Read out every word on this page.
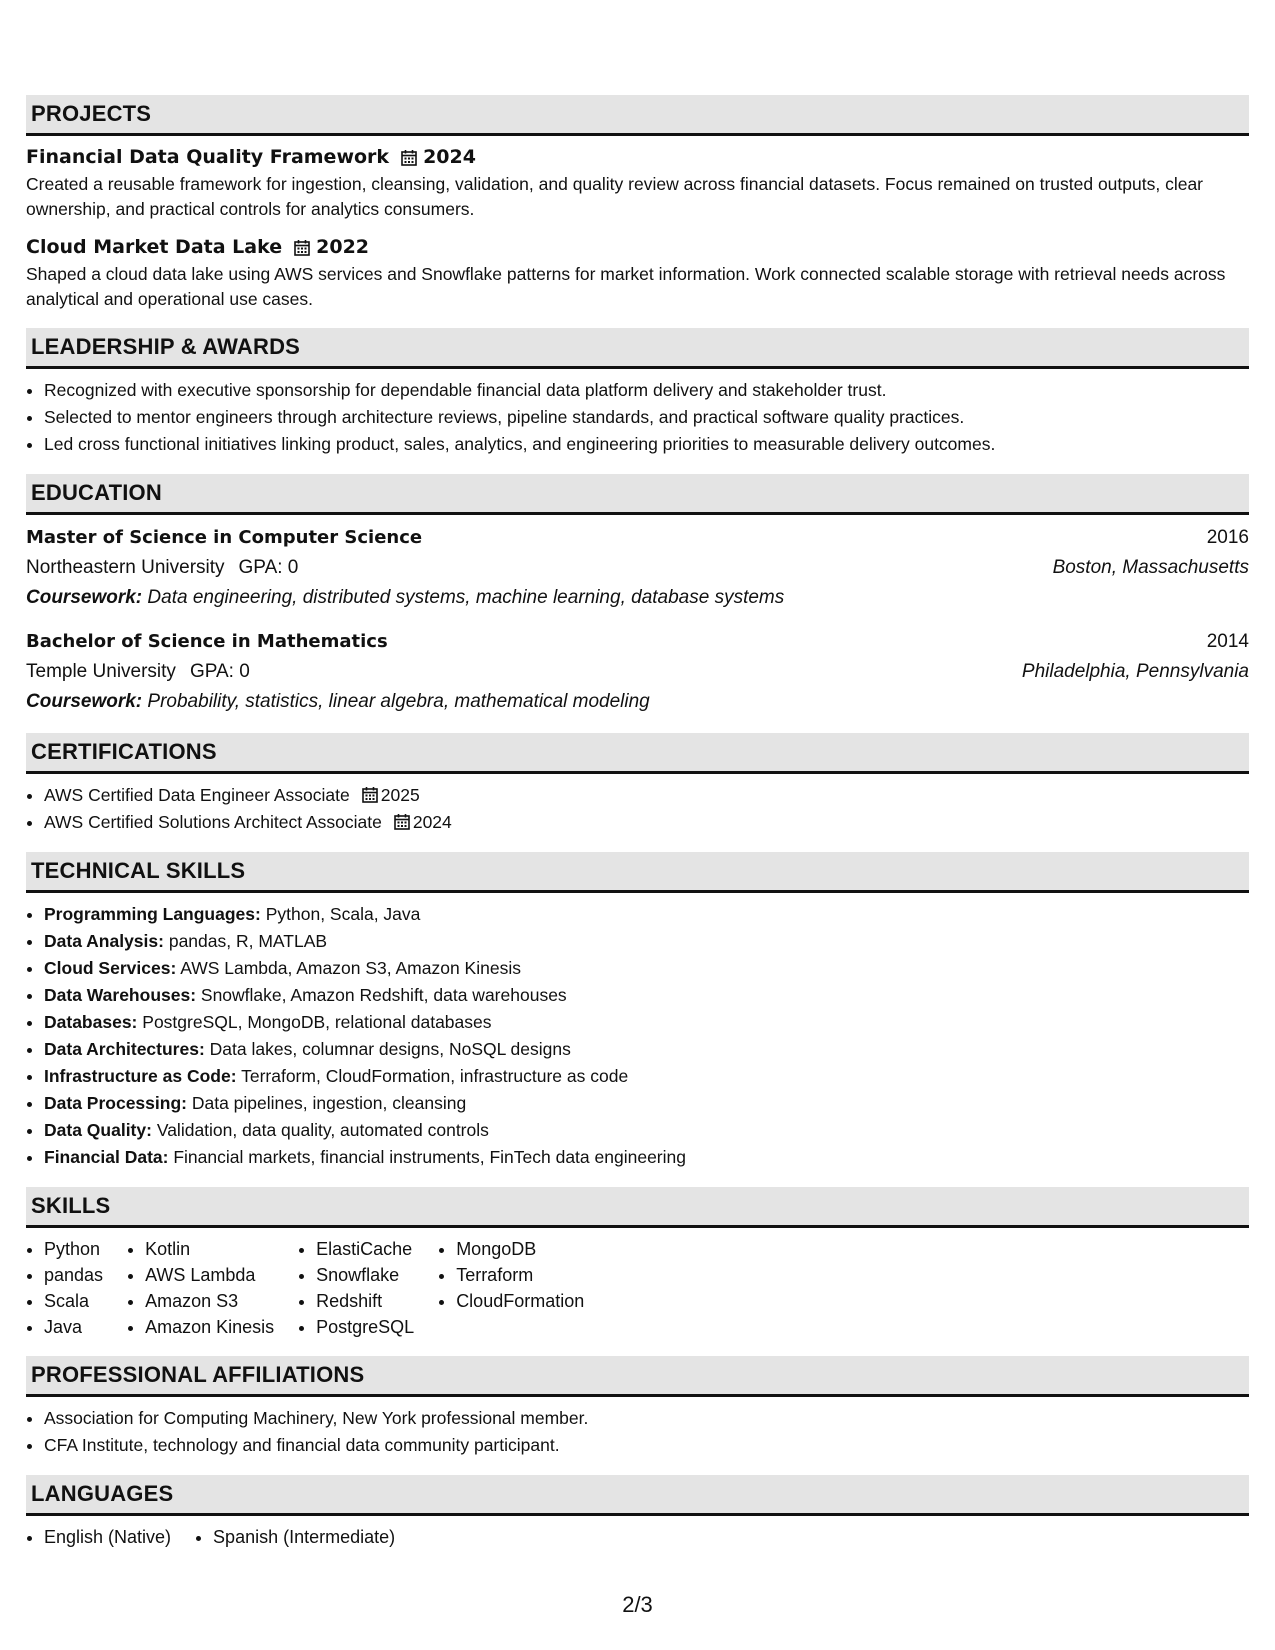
PROJECTS
Financial Data Quality Framework 2024
Created a reusable framework for ingestion, cleansing, validation, and quality review across financial datasets. Focus remained on trusted outputs, clear ownership, and practical controls for analytics consumers.
Cloud Market Data Lake 2022
Shaped a cloud data lake using AWS services and Snowflake patterns for market information. Work connected scalable storage with retrieval needs across analytical and operational use cases.
LEADERSHIP & AWARDS
• Recognized with executive sponsorship for dependable financial data platform delivery and stakeholder trust.
• Selected to mentor engineers through architecture reviews, pipeline standards, and practical software quality practices.
• Led cross functional initiatives linking product, sales, analytics, and engineering priorities to measurable delivery outcomes.
EDUCATION
Master of Science in Computer Science	2016
Northeastern University GPA: 0	Boston, Massachusetts
Coursework: Data engineering, distributed systems, machine learning, database systems
Bachelor of Science in Mathematics	2014
Temple University GPA: 0	Philadelphia, Pennsylvania
Coursework: Probability, statistics, linear algebra, mathematical modeling
CERTIFICATIONS
• AWS Certified Data Engineer Associate 2025
• AWS Certified Solutions Architect Associate 2024
TECHNICAL SKILLS
• Programming Languages: Python, Scala, Java
• Data Analysis: pandas, R, MATLAB
• Cloud Services: AWS Lambda, Amazon S3, Amazon Kinesis
• Data Warehouses: Snowflake, Amazon Redshift, data warehouses
• Databases: PostgreSQL, MongoDB, relational databases
• Data Architectures: Data lakes, columnar designs, NoSQL designs
• Infrastructure as Code: Terraform, CloudFormation, infrastructure as code
• Data Processing: Data pipelines, ingestion, cleansing
• Data Quality: Validation, data quality, automated controls
• Financial Data: Financial markets, financial instruments, FinTech data engineering
SKILLS
• Python
• pandas
• Scala
• Java
• Kotlin
• AWS Lambda
• Amazon S3
• Amazon Kinesis
• ElastiCache
• Snowflake
• Redshift
• PostgreSQL
• MongoDB
• Terraform
• CloudFormation
PROFESSIONAL AFFILIATIONS
• Association for Computing Machinery, New York professional member.
• CFA Institute, technology and financial data community participant.
LANGUAGES
• English (Native)
• Spanish (Intermediate)
2/3
